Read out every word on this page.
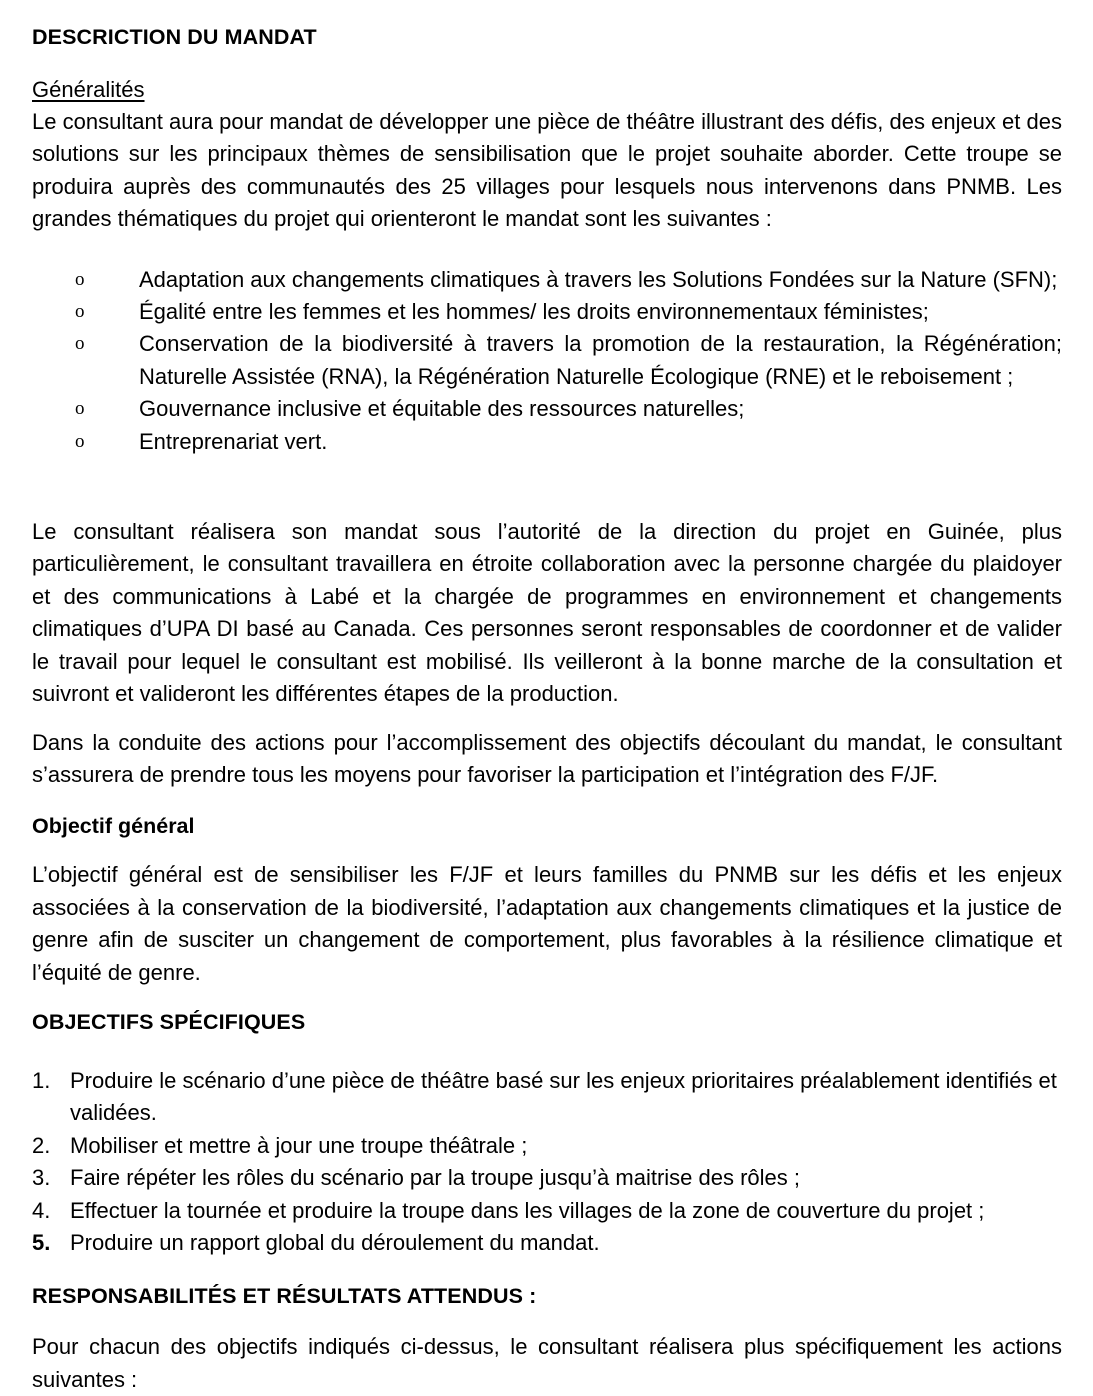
DESCRICTION DU MANDAT
Généralités

Le consultant aura pour mandat de développer une pièce de théâtre illustrant des défis, des enjeux et des solutions sur les principaux thèmes de sensibilisation que le projet souhaite aborder. Cette troupe se produira auprès des communautés des 25 villages pour lesquels nous intervenons dans PNMB. Les grandes thématiques du projet qui orienteront le mandat sont les suivantes :

o	Adaptation aux changements climatiques à travers les Solutions Fondées sur la Nature (SFN);
o	Égalité entre les femmes et les hommes/ les droits environnementaux féministes;
o	Conservation de la biodiversité à travers la promotion de la restauration, la Régénération; Naturelle Assistée (RNA), la Régénération Naturelle Écologique (RNE) et le reboisement ;
o	Gouvernance inclusive et équitable des ressources naturelles;
o	Entreprenariat vert.

Le consultant réalisera son mandat sous l’autorité de la direction du projet en Guinée, plus particulièrement, le consultant travaillera en étroite collaboration avec la personne chargée du plaidoyer et des communications à Labé et la chargée de programmes en environnement et changements climatiques d’UPA DI basé au Canada. Ces personnes seront responsables de coordonner et de valider le travail pour lequel le consultant est mobilisé. Ils veilleront à la bonne marche de la consultation et suivront et valideront les différentes étapes de la production.

Dans la conduite des actions pour l’accomplissement des objectifs découlant du mandat, le consultant s’assurera de prendre tous les moyens pour favoriser la participation et l’intégration des F/JF.

Objectif général

L’objectif général est de sensibiliser les F/JF et leurs familles du PNMB sur les défis et les enjeux associées à la conservation de la biodiversité, l’adaptation aux changements climatiques et la justice de genre afin de susciter un changement de comportement, plus favorables à la résilience climatique et l’équité de genre.

OBJECTIFS SPÉCIFIQUES
1. Produire le scénario d’une pièce de théâtre basé sur les enjeux prioritaires préalablement identifiés et validées.
2. Mobiliser et mettre à jour une troupe théâtrale ;
3. Faire répéter les rôles du scénario par la troupe jusqu’à maitrise des rôles ;
4. Effectuer la tournée et produire la troupe dans les villages de la zone de couverture du projet ;
5. Produire un rapport global du déroulement du mandat.
RESPONSABILITÉS ET RÉSULTATS ATTENDUS :

Pour chacun des objectifs indiqués ci-dessus, le consultant réalisera plus spécifiquement les actions suivantes :
